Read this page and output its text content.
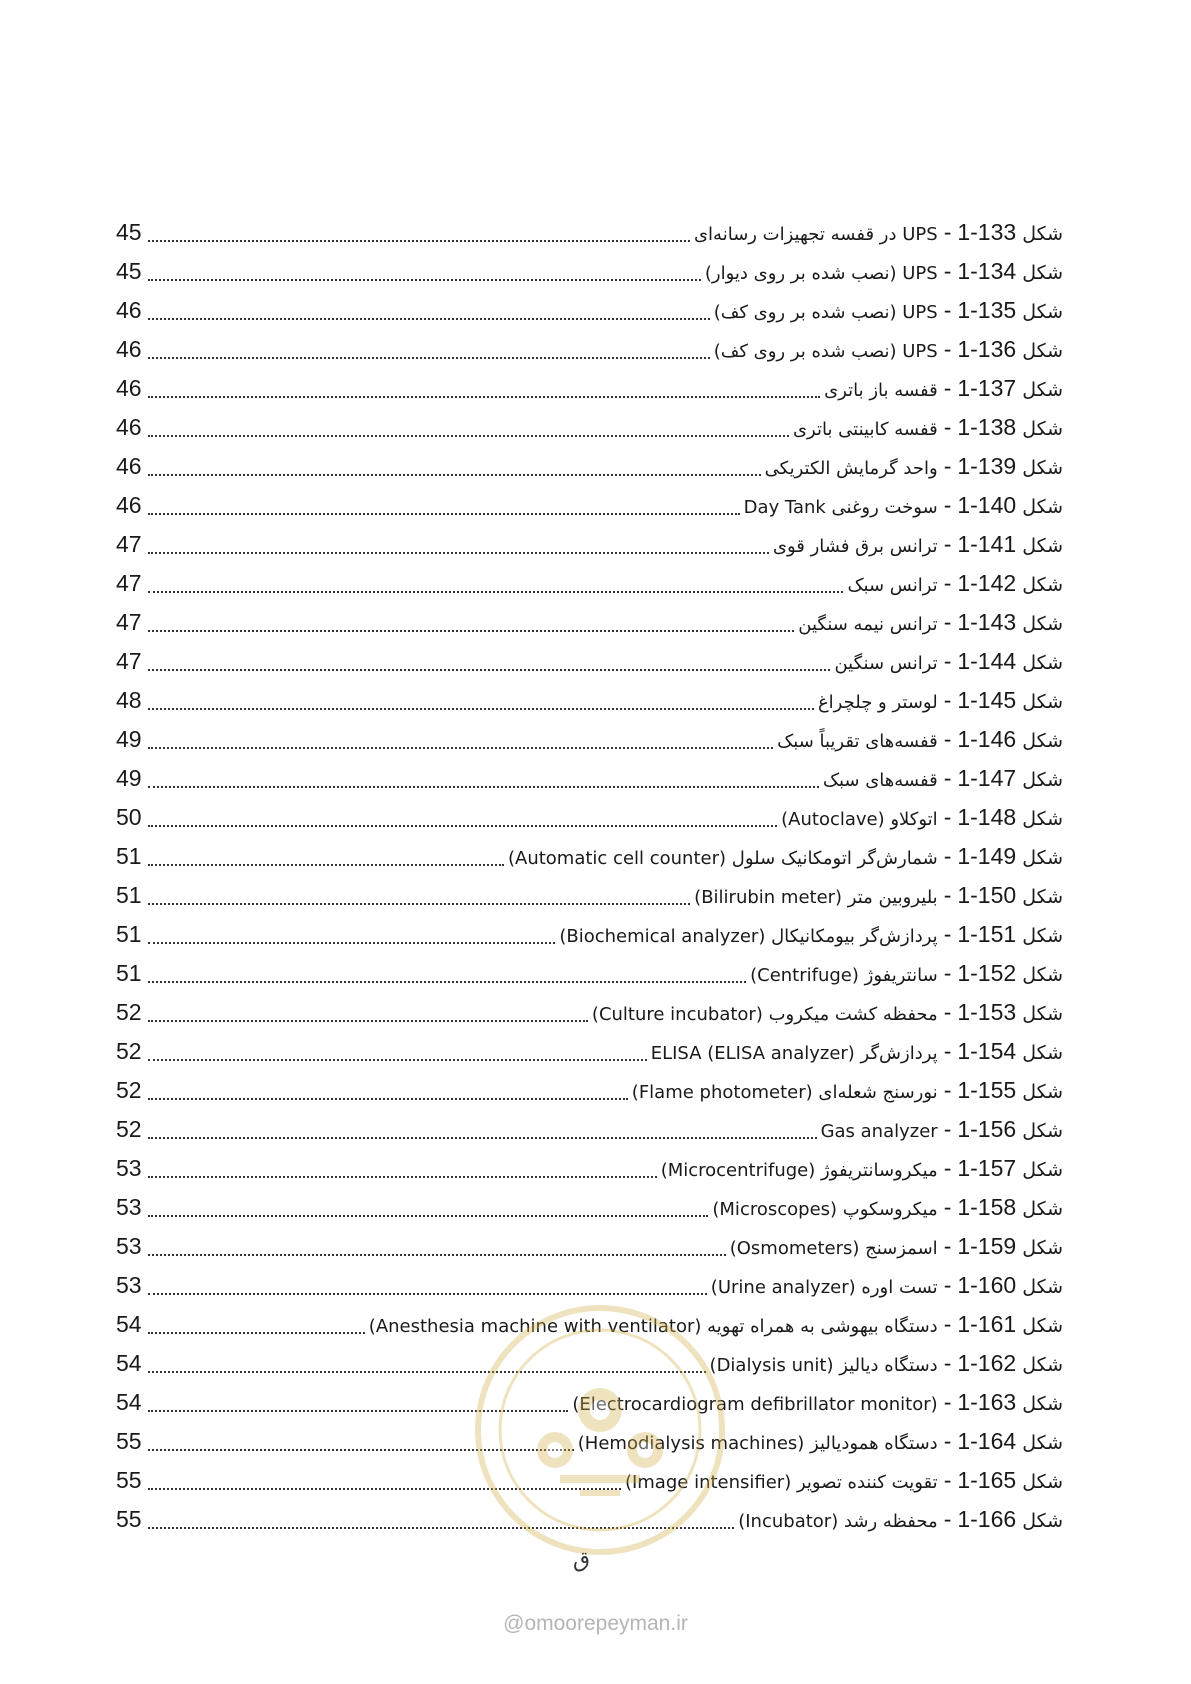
شکل
1-133
-
UPS در قفسه تجهیزات رسانه‌ای
45
شکل
1-134
-
UPS (نصب شده بر روی دیوار)
45
شکل
1-135
-
UPS (نصب شده بر روی کف)
46
شکل
1-136
-
UPS (نصب شده بر روی کف)
46
شکل
1-137
-
قفسه باز باتری
46
شکل
1-138
-
قفسه کابینتی باتری
46
شکل
1-139
-
واحد گرمایش الکتریکی
46
شکل
1-140
-
سوخت روغنی Day Tank
46
شکل
1-141
-
ترانس برق فشار قوی
47
شکل
1-142
-
ترانس سبک
47
شکل
1-143
-
ترانس نیمه سنگین
47
شکل
1-144
-
ترانس سنگین
47
شکل
1-145
-
لوستر و چلچراغ
48
شکل
1-146
-
قفسه‌های تقریباً سبک
49
شکل
1-147
-
قفسه‌های سبک
49
شکل
1-148
-
اتوکلاو (Autoclave)
50
شکل
1-149
-
شمارش‌گر اتومکانیک سلول (Automatic cell counter)
51
شکل
1-150
-
بلیروبین متر (Bilirubin meter)
51
شکل
1-151
-
پردازش‌گر بیومکانیکال (Biochemical analyzer)
51
شکل
1-152
-
سانتریفوژ (Centrifuge)
51
شکل
1-153
-
محفظه کشت میکروب (Culture incubator)
52
شکل
1-154
-
پردازش‌گر ELISA (ELISA analyzer)
52
شکل
1-155
-
نورسنج شعله‌ای (Flame photometer)
52
شکل
1-156
-
Gas analyzer
52
شکل
1-157
-
میکروسانتریفوژ (Microcentrifuge)
53
شکل
1-158
-
میکروسکوپ (Microscopes)
53
شکل
1-159
-
اسمزسنج (Osmometers)
53
شکل
1-160
-
تست اوره (Urine analyzer)
53
شکل
1-161
-
دستگاه بیهوشی به همراه تهویه (Anesthesia machine with ventilator)
54
شکل
1-162
-
دستگاه دیالیز (Dialysis unit)
54
شکل
1-163
-
(Electrocardiogram defibrillator monitor)
54
شکل
1-164
-
دستگاه همودیالیز (Hemodialysis machines)
55
شکل
1-165
-
تقویت کننده تصویر (Image intensifier)
55
شکل
1-166
-
محفظه رشد (Incubator)
55
ق
@omoorepeyman.ir
